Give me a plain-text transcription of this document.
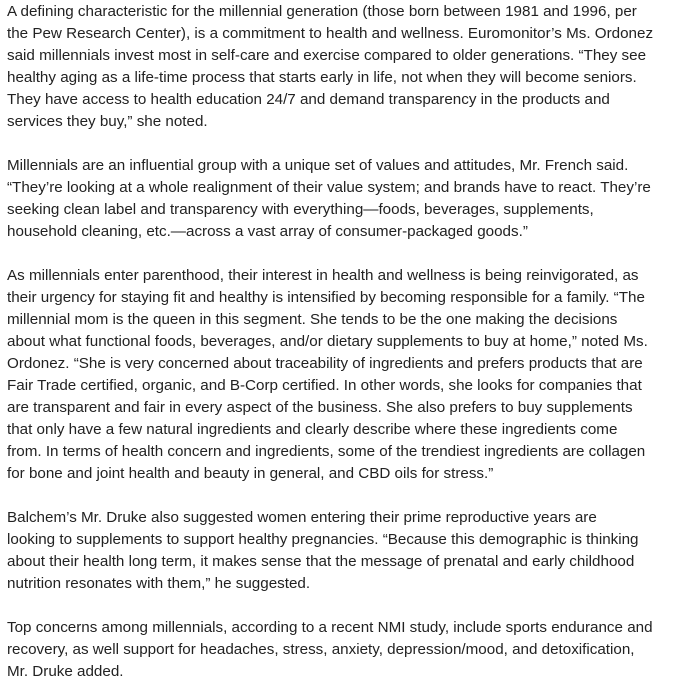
A defining characteristic for the millennial generation (those born between 1981 and 1996, per
the Pew Research Center), is a commitment to health and wellness. Euromonitor’s Ms. Ordonez
said millennials invest most in self-care and exercise compared to older generations. “They see
healthy aging as a life-time process that starts early in life, not when they will become seniors.
They have access to health education 24/7 and demand transparency in the products and
services they buy,” she noted.

Millennials are an influential group with a unique set of values and attitudes, Mr. French said.
“They’re looking at a whole realignment of their value system; and brands have to react. They’re
seeking clean label and transparency with everything—foods, beverages, supplements,
household cleaning, etc.—across a vast array of consumer-packaged goods.”

As millennials enter parenthood, their interest in health and wellness is being reinvigorated, as
their urgency for staying fit and healthy is intensified by becoming responsible for a family. “The
millennial mom is the queen in this segment. She tends to be the one making the decisions
about what functional foods, beverages, and/or dietary supplements to buy at home,” noted Ms.
Ordonez. “She is very concerned about traceability of ingredients and prefers products that are
Fair Trade certified, organic, and B-Corp certified. In other words, she looks for companies that
are transparent and fair in every aspect of the business. She also prefers to buy supplements
that only have a few natural ingredients and clearly describe where these ingredients come
from. In terms of health concern and ingredients, some of the trendiest ingredients are collagen
for bone and joint health and beauty in general, and CBD oils for stress.”

Balchem’s Mr. Druke also suggested women entering their prime reproductive years are
looking to supplements to support healthy pregnancies. “Because this demographic is thinking
about their health long term, it makes sense that the message of prenatal and early childhood
nutrition resonates with them,” he suggested.

Top concerns among millennials, according to a recent NMI study, include sports endurance and
recovery, as well support for headaches, stress, anxiety, depression/mood, and detoxification,
Mr. Druke added.
